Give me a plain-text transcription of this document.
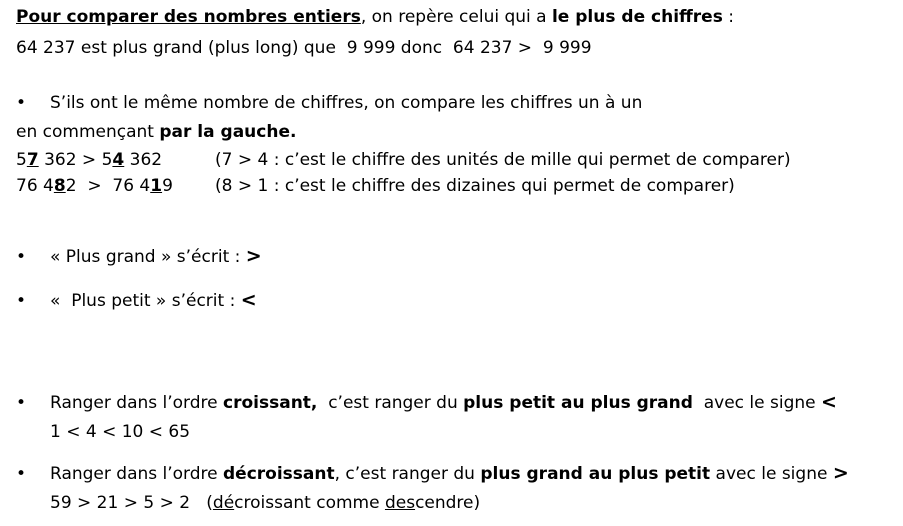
Pour comparer des nombres entiers, on repère celui qui a le plus de chiffres :
64 237 est plus grand (plus long) que  9 999 donc  64 237 >  9 999
• S’ils ont le même nombre de chiffres, on compare les chiffres un à un
en commençant par la gauche.
57 362 > 54 362	(7 > 4 : c’est le chiffre des unités de mille qui permet de comparer)
76 482  >  76 419 (8 > 1 : c’est le chiffre des dizaines qui permet de comparer)
• « Plus grand » s’écrit : >
• «  Plus petit » s’écrit : <
• Ranger dans l’ordre croissant,  c’est ranger du plus petit au plus grand  avec le signe <
1 < 4 < 10 < 65
• Ranger dans l’ordre décroissant, c’est ranger du plus grand au plus petit avec le signe >
59 > 21 > 5 > 2   (décroissant comme descendre)
